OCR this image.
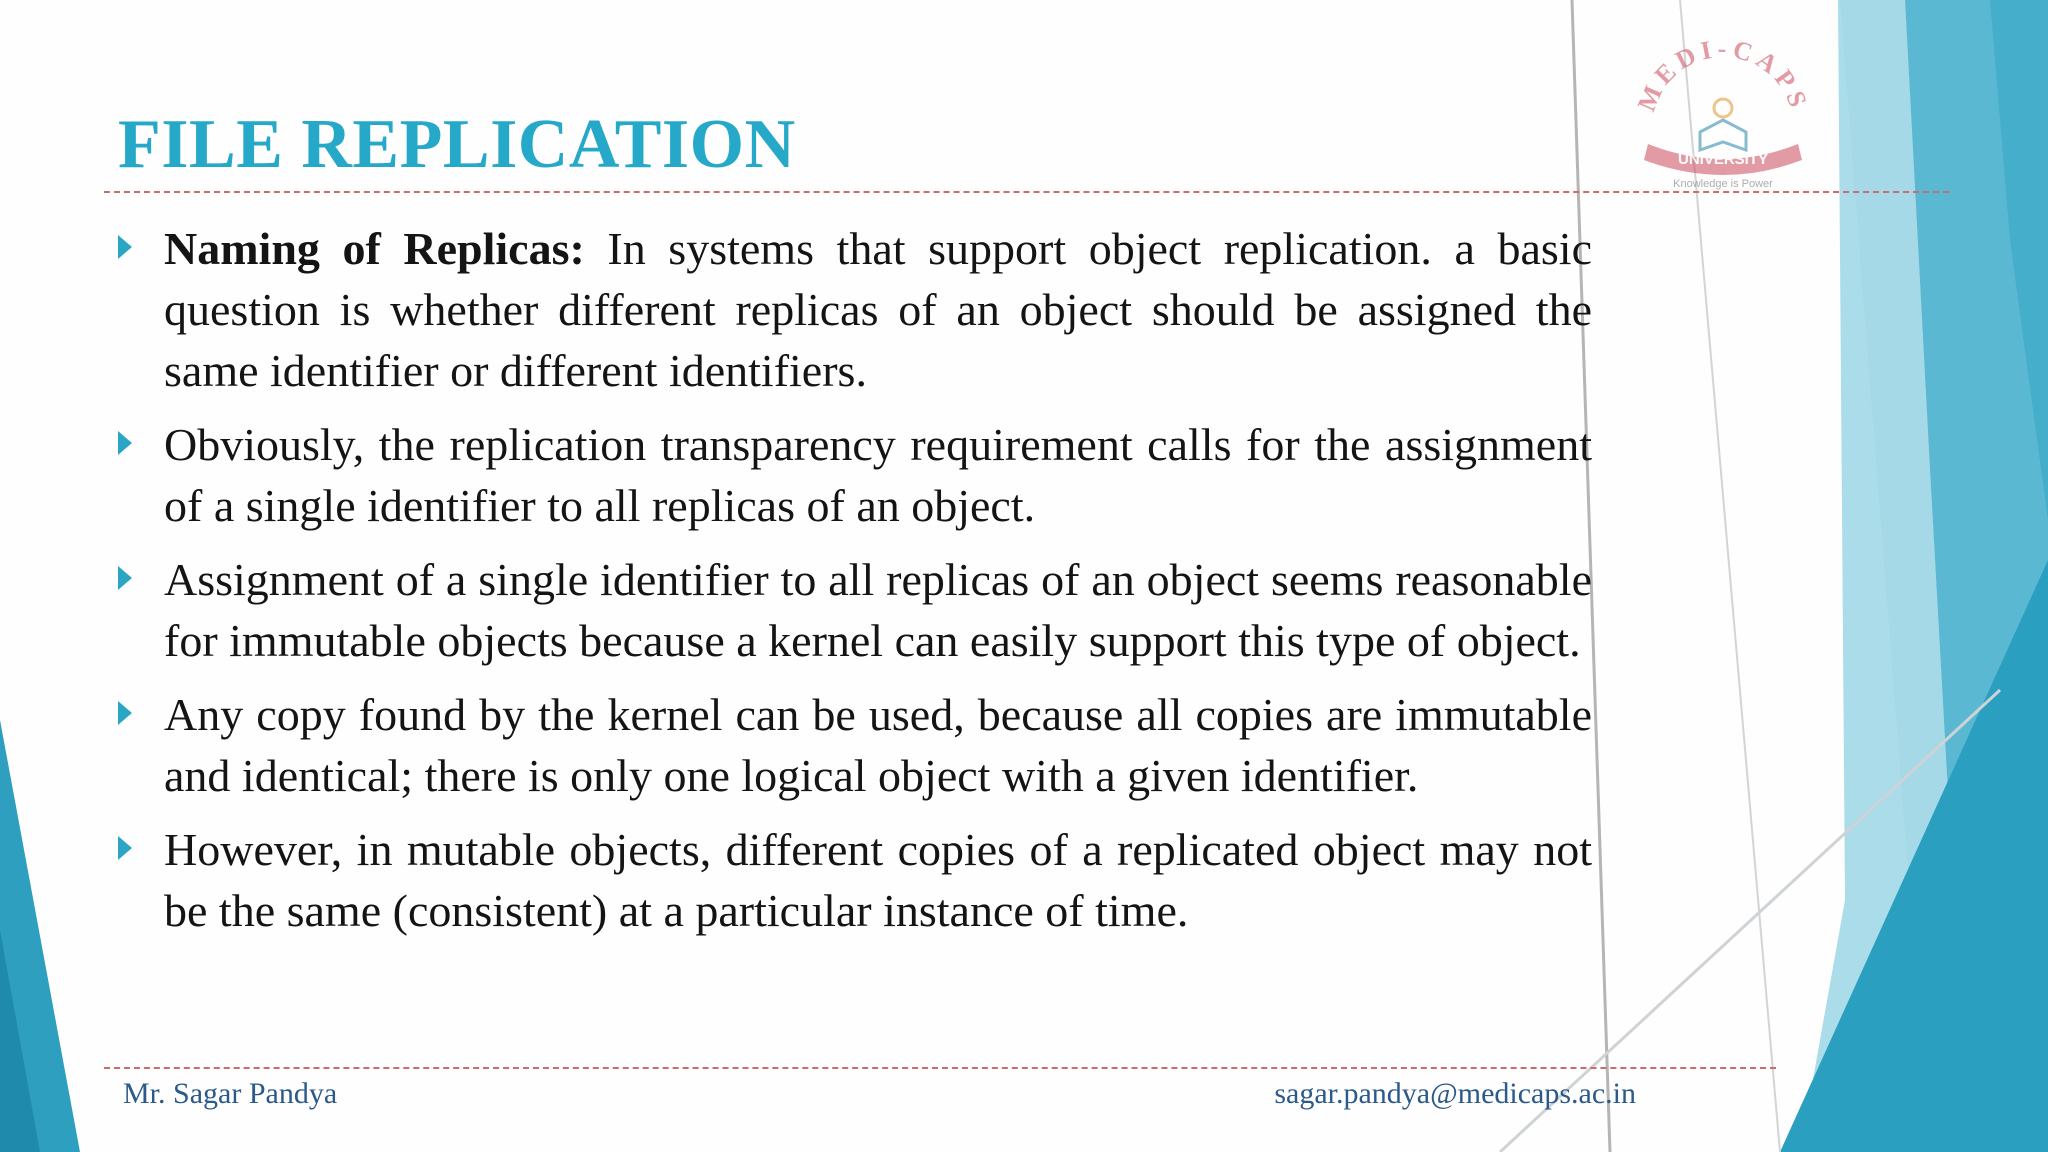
MEDI-CAPS
UNIVERSITY
Knowledge is Power
FILE REPLICATION
Naming of Replicas: In systems that support object replication. a basic question is whether different replicas of an object should be assigned the same identifier or different identifiers.
Obviously, the replication transparency requirement calls for the assignment of a single identifier to all replicas of an object.
Assignment of a single identifier to all replicas of an object seems reasonable for immutable objects because a kernel can easily support this type of object.
Any copy found by the kernel can be used, because all copies are immutable and identical; there is only one logical object with a given identifier.
However, in mutable objects, different copies of a replicated object may not be the same (consistent) at a particular instance of time.
Mr. Sagar Pandya	sagar.pandya@medicaps.ac.in
